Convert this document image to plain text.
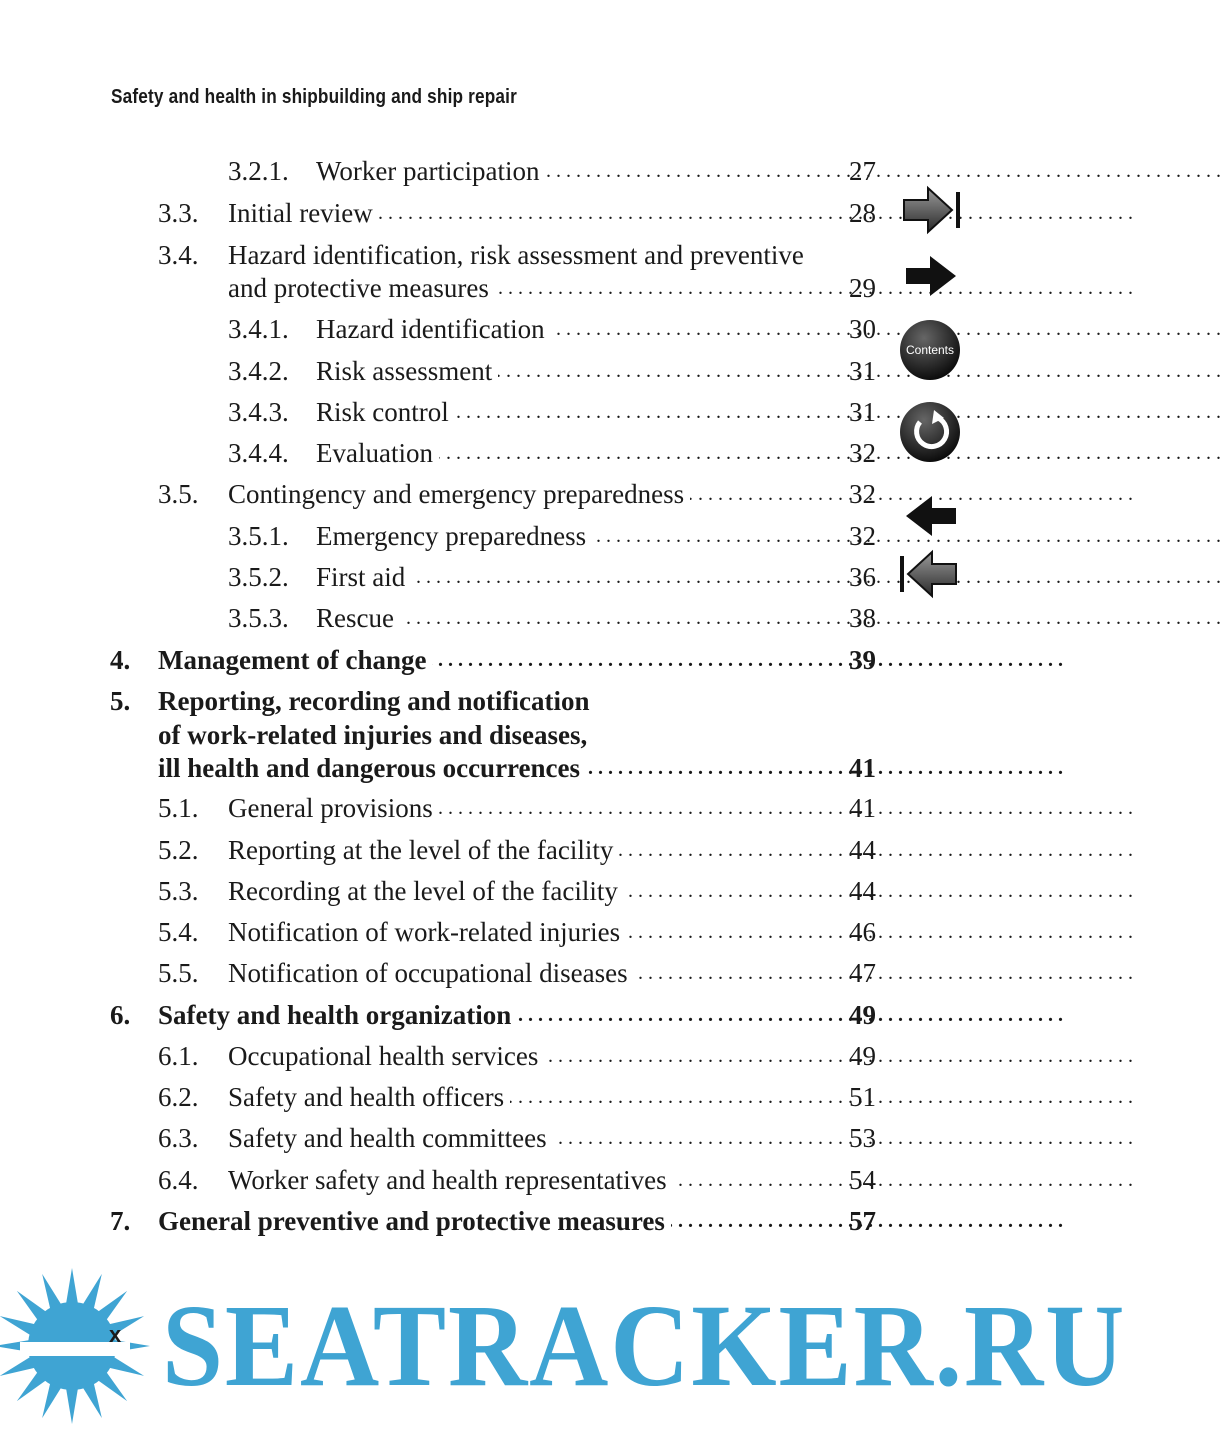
Safety and health in shipbuilding and ship repair
3.2.1. Worker participation . . .	27
3.3. Initial review . . .	28
3.4. Hazard identification, risk assessment and preventive
and protective measures . . .	29
3.4.1. Hazard identification . . .	30
3.4.2. Risk assessment . . .	31
3.4.3. Risk control . . .	31
3.4.4. Evaluation . . .	32
3.5. Contingency and emergency preparedness . . .	32
3.5.1. Emergency preparedness . . .	32
3.5.2. First aid . . .	36
3.5.3. Rescue . . .	38
4. Management of change . . .	39
5. Reporting, recording and notification
of work-related injuries and diseases,
ill health and dangerous occurrences . . .	41
5.1. General provisions . . .	41
5.2. Reporting at the level of the facility . . .	44
5.3. Recording at the level of the facility . . .	44
5.4. Notification of work-related injuries . . .	46
5.5. Notification of occupational diseases . . .	47
6. Safety and health organization . . .	49
6.1. Occupational health services . . .	49
6.2. Safety and health officers . . .	51
6.3. Safety and health committees . . .	53
6.4. Worker safety and health representatives . . .	54
7. General preventive and protective measures . . .	57
Contents
x SEATRACKER.RU
